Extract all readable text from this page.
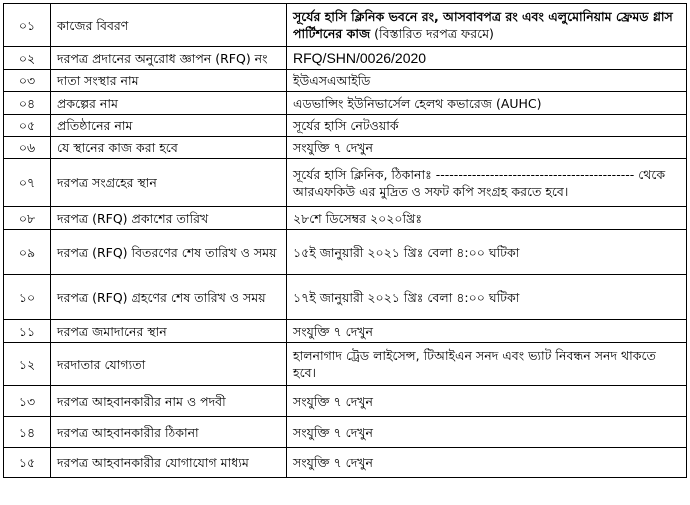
০১	কাজের বিবরণ	সূর্যের হাসি ক্লিনিক ভবনে রং, আসবাবপত্র রং এবং এলুমোনিয়াম ফ্রেমড গ্লাস পার্টিশনের কাজ (বিস্তারিত দরপত্র ফরমে)
০২	দরপত্র প্রদানের অনুরোধ জ্ঞাপন (RFQ) নং	RFQ/SHN/0026/2020
০৩	দাতা সংস্থার নাম	ইউএসএআইডি
০৪	প্রকল্পের নাম	এডভান্সিং ইউনিভার্সেল হেলথ কভারেজ (AUHC)
০৫	প্রতিষ্ঠানের নাম	সূর্যের হাসি নেটওয়ার্ক
০৬	যে স্থানের কাজ করা হবে	সংযুক্তি ৭ দেখুন
০৭	দরপত্র সংগ্রহের স্থান	সূর্যের হাসি ক্লিনিক, ঠিকানাঃ -------------------------------------------- থেকে আরএফকিউ এর মুদ্রিত ও সফট কপি সংগ্রহ করতে হবে।
০৮	দরপত্র (RFQ) প্রকাশের তারিখ	২৮শে ডিসেম্বর ২০২০খ্রিঃ
০৯	দরপত্র (RFQ) বিতরণের শেষ তারিখ ও সময়	১৫ই জানুয়ারী ২০২১ খ্রিঃ বেলা ৪:০০ ঘটিকা
১০	দরপত্র (RFQ) গ্রহণের শেষ তারিখ ও সময়	১৭ই জানুয়ারী ২০২১ খ্রিঃ বেলা ৪:০০ ঘটিকা
১১	দরপত্র জমাদানের স্থান	সংযুক্তি ৭ দেখুন
১২	দরদাতার যোগ্যতা	হালনাগাদ ট্রেড লাইসেন্স, টিআইএন সনদ এবং ভ্যাট নিবন্ধন সনদ থাকতে হবে।
১৩	দরপত্র আহবানকারীর নাম ও পদবী	সংযুক্তি ৭ দেখুন
১৪	দরপত্র আহবানকারীর ঠিকানা	সংযুক্তি ৭ দেখুন
১৫	দরপত্র আহবানকারীর যোগাযোগ মাধ্যম	সংযুক্তি ৭ দেখুন
